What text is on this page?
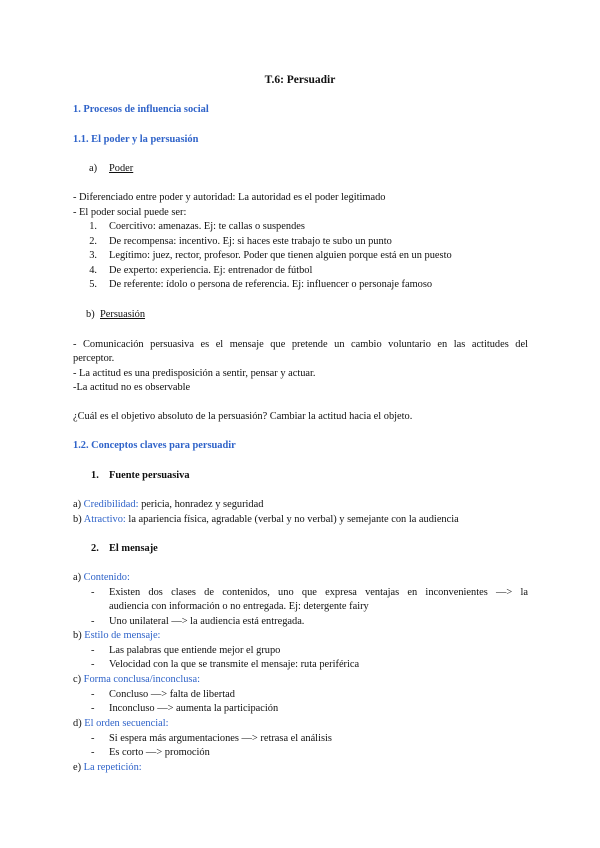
T.6: Persuadir
1. Procesos de influencia social
1.1. El poder y la persuasión
a) Poder
- Diferenciado entre poder y autoridad: La autoridad es el poder legitimado
- El poder social puede ser:
1. Coercitivo: amenazas. Ej: te callas o suspendes
2. De recompensa: incentivo. Ej: si haces este trabajo te subo un punto
3. Legítimo: juez, rector, profesor. Poder que tienen alguien porque está en un puesto
4. De experto: experiencia. Ej: entrenador de fútbol
5. De referente: ídolo o persona de referencia. Ej: influencer o personaje famoso
b) Persuasión
- Comunicación persuasiva es el mensaje que pretende un cambio voluntario en las actitudes del
perceptor.
- La actitud es una predisposición a sentir, pensar y actuar.
-La actitud no es observable
¿Cuál es el objetivo absoluto de la persuasión? Cambiar la actitud hacia el objeto.
1.2. Conceptos claves para persuadir
1. Fuente persuasiva
a) Credibilidad: pericia, honradez y seguridad
b) Atractivo: la apariencia física, agradable (verbal y no verbal) y semejante con la audiencia
2. El mensaje
a) Contenido:
- Existen dos clases de contenidos, uno que expresa ventajas en inconvenientes —> la
audiencia con información o no entregada. Ej: detergente fairy
- Uno unilateral —> la audiencia está entregada.
b) Estilo de mensaje:
- Las palabras que entiende mejor el grupo
- Velocidad con la que se transmite el mensaje: ruta periférica
c) Forma conclusa/inconclusa:
- Concluso —> falta de libertad
- Inconcluso —> aumenta la participación
d) El orden secuencial:
- Si espera más argumentaciones —> retrasa el análisis
- Es corto —> promoción
e) La repetición:
